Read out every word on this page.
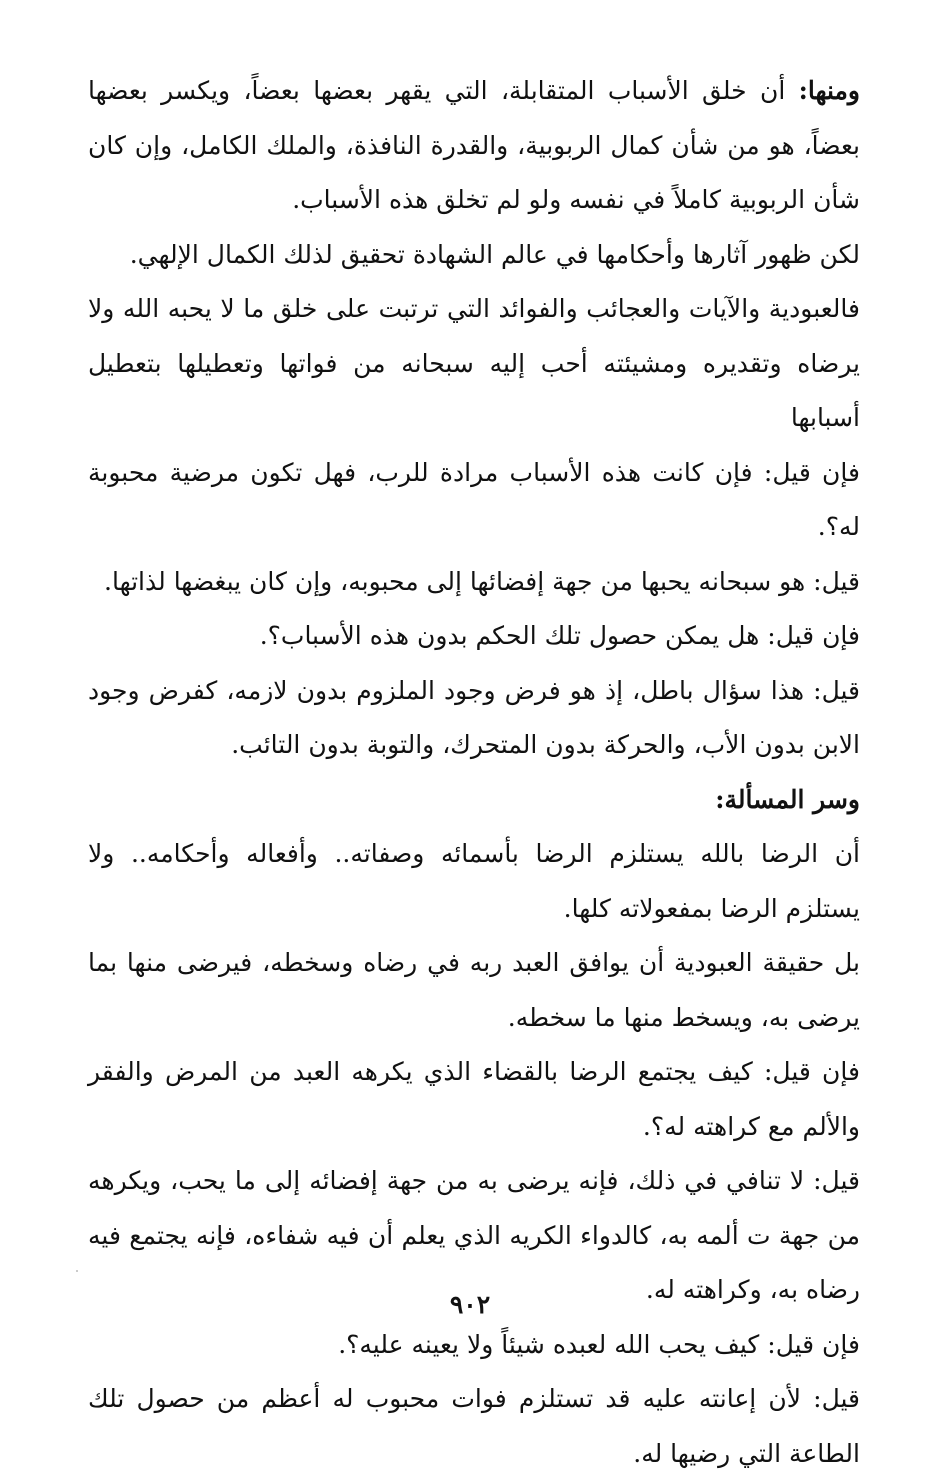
ومنها: أن خلق الأسباب المتقابلة، التي يقهر بعضها بعضاً، ويكسر بعضها بعضاً، هو من شأن كمال الربوبية، والقدرة النافذة، والملك الكامل، وإن كان شأن الربوبية كاملاً في نفسه ولو لم تخلق هذه الأسباب.

لكن ظهور آثارها وأحكامها في عالم الشهادة تحقيق لذلك الكمال الإلهي.

فالعبودية والآيات والعجائب والفوائد التي ترتبت على خلق ما لا يحبه الله ولا يرضاه وتقديره ومشيئته أحب إليه سبحانه من فواتها وتعطيلها بتعطيل أسبابها

فإن قيل: فإن كانت هذه الأسباب مرادة للرب، فهل تكون مرضية محبوبة له؟.

قيل: هو سبحانه يحبها من جهة إفضائها إلى محبوبه، وإن كان يبغضها لذاتها.

فإن قيل: هل يمكن حصول تلك الحكم بدون هذه الأسباب؟.

قيل: هذا سؤال باطل، إذ هو فرض وجود الملزوم بدون لازمه، كفرض وجود الابن بدون الأب، والحركة بدون المتحرك، والتوبة بدون التائب.

وسر المسألة:

أن الرضا بالله يستلزم الرضا بأسمائه وصفاته.. وأفعاله وأحكامه.. ولا يستلزم الرضا بمفعولاته كلها.

بل حقيقة العبودية أن يوافق العبد ربه في رضاه وسخطه، فيرضى منها بما يرضى به، ويسخط منها ما سخطه.

فإن قيل: كيف يجتمع الرضا بالقضاء الذي يكرهه العبد من المرض والفقر والألم مع كراهته له؟.

قيل: لا تنافي في ذلك، فإنه يرضى به من جهة إفضائه إلى ما يحب، ويكرهه من جهة ت ألمه به، كالدواء الكريه الذي يعلم أن فيه شفاءه، فإنه يجتمع فيه رضاه به، وكراهته له.

فإن قيل: كيف يحب الله لعبده شيئاً ولا يعينه عليه؟.

قيل: لأن إعانته عليه قد تستلزم فوات محبوب له أعظم من حصول تلك الطاعة التي رضيها له.

٩٠٢
